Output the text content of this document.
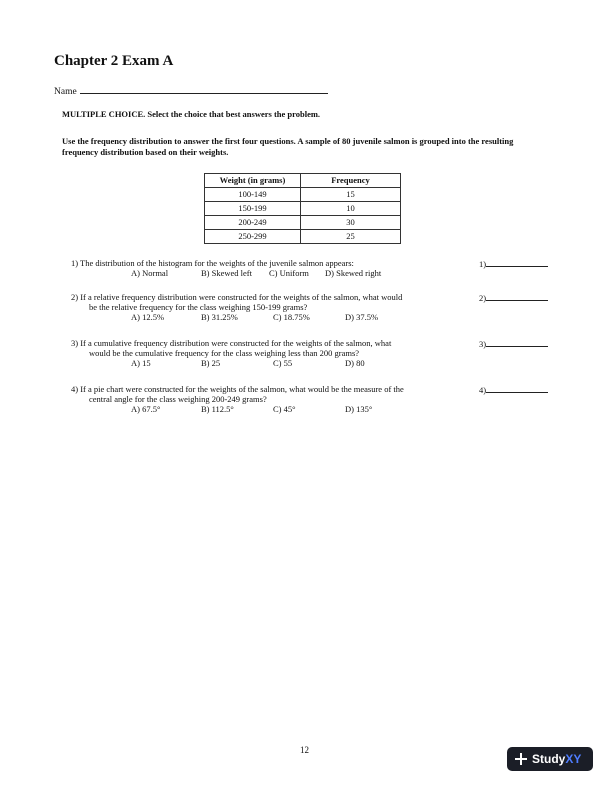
Chapter 2 Exam A
Name
MULTIPLE CHOICE. Select the choice that best answers the problem.
Use the frequency distribution to answer the first four questions. A sample of 80 juvenile salmon is grouped into the resulting frequency distribution based on their weights.
Weight (in grams)	Frequency
100-149	15
150-199	10
200-249	30
250-299	25
1) The distribution of the histogram for the weights of the juvenile salmon appears:
A) Normal	B) Skewed left C) Uniform D) Skewed right
1)
2) If a relative frequency distribution were constructed for the weights of the salmon, what would
be the relative frequency for the class weighing 150-199 grams?
A) 12.5%	B) 31.25%	C) 18.75%	D) 37.5%
2)
3) If a cumulative frequency distribution were constructed for the weights of the salmon, what
would be the cumulative frequency for the class weighing less than 200 grams?
A) 15	B) 25	C) 55	D) 80
3)
4) If a pie chart were constructed for the weights of the salmon, what would be the measure of the
central angle for the class weighing 200-249 grams?
A) 67.5°	B) 112.5°	C) 45°	D) 135°
4)
12
StudyXY
